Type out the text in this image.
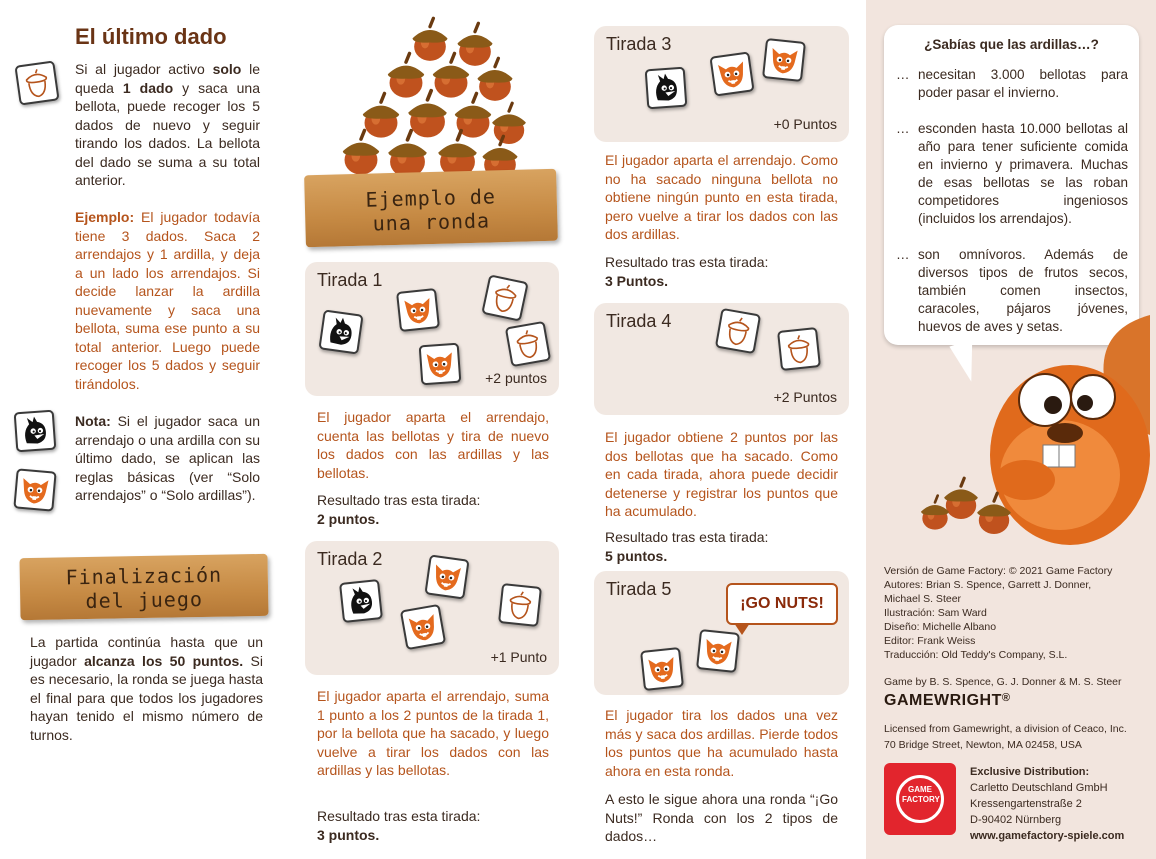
El último dado
Si al jugador activo solo le queda 1 dado y saca una bellota, puede recoger los 5 dados de nuevo y seguir tirando los dados. La bellota del dado se suma a su total anterior.
Ejemplo: El jugador todavía tiene 3 dados. Saca 2 arrendajos y 1 ardilla, y deja a un lado los arrendajos. Si decide lanzar la ardilla nuevamente y saca una bellota, suma ese punto a su total anterior. Luego puede recoger los 5 dados y seguir tirándolos.
Nota: Si el jugador saca un arrendajo o una ardilla con su último dado, se aplican las reglas básicas (ver “Solo arrendajos” o “Solo ardillas”).
Finalización
del juego
La partida continúa hasta que un jugador alcanza los 50 puntos. Si es necesario, la ronda se juega hasta el final para que todos los jugadores hayan tenido el mismo número de turnos.
Ejemplo de
una ronda
Tirada 1
+2 puntos
El jugador aparta el arrendajo, cuenta las bellotas y tira de nuevo los dados con las ardillas y las bellotas.
Resultado tras esta tirada:
2 puntos.
Tirada 2
+1 Punto
El jugador aparta el arrendajo, suma 1 punto a los 2 puntos de la tirada 1, por la bellota que ha sacado, y luego vuelve a tirar los dados con las ardillas y las bellotas.
Resultado tras esta tirada:
3 puntos.
Tirada 3
+0 Puntos
El jugador aparta el arrendajo. Como no ha sacado ninguna bellota no obtiene ningún punto en esta tirada, pero vuelve a tirar los dados con las dos ardillas.
Resultado tras esta tirada:
3 Puntos.
Tirada 4
+2 Puntos
El jugador obtiene 2 puntos por las dos bellotas que ha sacado. Como en cada tirada, ahora puede decidir detenerse y registrar los puntos que ha acumulado.
Resultado tras esta tirada:
5 puntos.
Tirada 5
¡GO NUTS!
El jugador tira los dados una vez más y saca dos ardillas. Pierde todos los puntos que ha acumulado hasta ahora en esta ronda.
A esto le sigue ahora una ronda “¡Go Nuts!” Ronda con los 2 tipos de dados…
¿Sabías que las ardillas…?
… necesitan 3.000 bellotas para poder pasar el invierno.
… esconden hasta 10.000 bellotas al año para tener suficiente comida en invierno y primavera. Muchas de esas bellotas se las roban competidores ingeniosos (incluidos los arrendajos).
… son omnívoros. Además de diversos tipos de frutos secos, también comen insectos, caracoles, pájaros jóvenes, huevos de aves y setas.
Versión de Game Factory: © 2021 Game Factory
Autores: Brian S. Spence, Garrett J. Donner,
Michael S. Steer
Ilustración: Sam Ward
Diseño: Michelle Albano
Editor: Frank Weiss
Traducción: Old Teddy's Company, S.L.
Game by B. S. Spence, G. J. Donner & M. S. Steer
GAMEWRIGHT®
Licensed from Gamewright, a division of Ceaco, Inc.
70 Bridge Street, Newton, MA 02458, USA
GAME FACTORY
Exclusive Distribution:
Carletto Deutschland GmbH
Kressengartenstraße 2
D-90402 Nürnberg
www.gamefactory-spiele.com
